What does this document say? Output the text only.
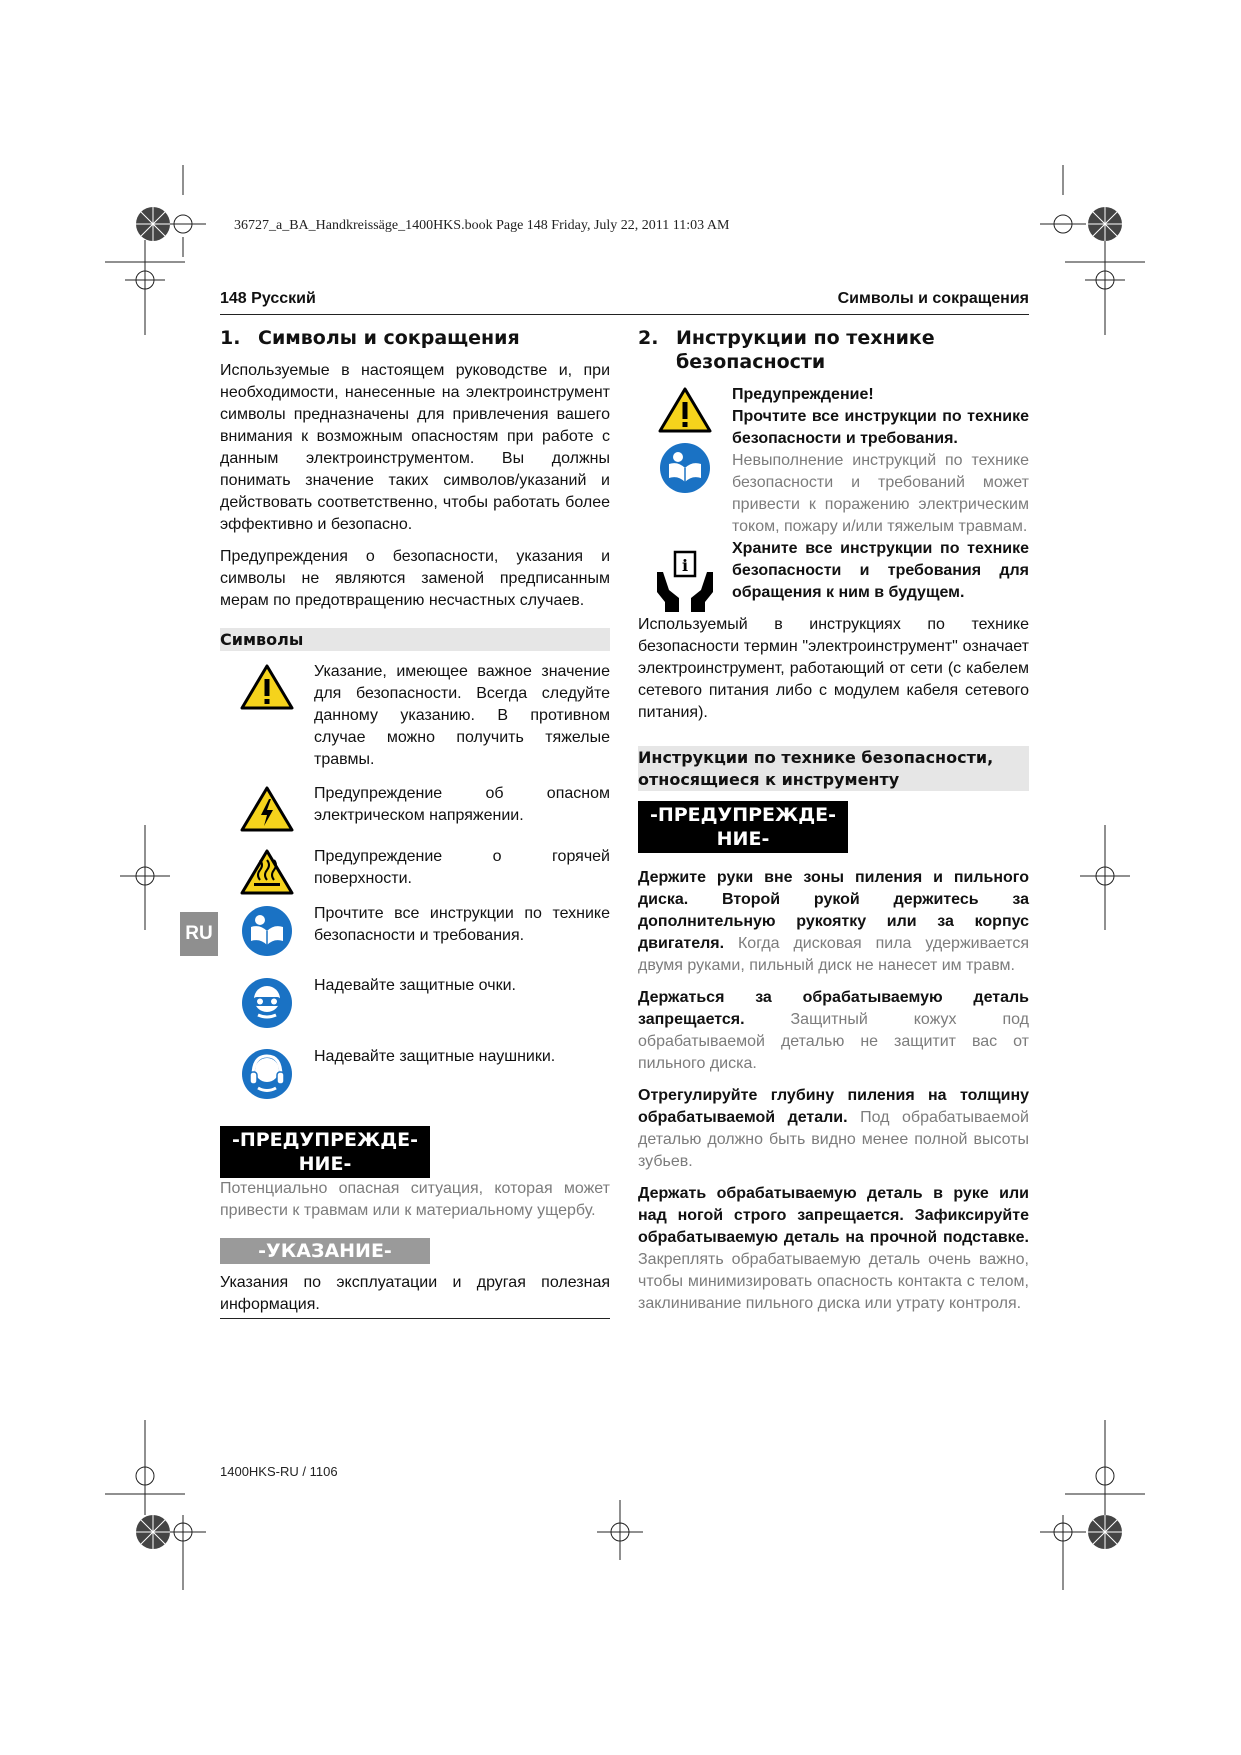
36727_a_BA_Handkreissäge_1400HKS.book Page 148 Friday, July 22, 2011 11:03 AM
148 Русский	Символы и сокращения
RU
1. Символы и сокращения

Используемые в настоящем руководстве и, при необходимости, нанесенные на электроинструмент символы предназначены для привлечения вашего внимания к возможным опасностям при работе с данным электроинструментом. Вы должны понимать значение таких символов/указаний и действовать соответственно, чтобы работать более эффективно и безопасно.

Предупреждения о безопасности, указания и символы не являются заменой предписанным мерам по предотвращению несчастных случаев.

Символы
Указание, имеющее важное значение для безопасности. Всегда следуйте данному указанию. В противном случае можно получить тяжелые травмы.
Предупреждение об опасном электрическом напряжении.
Предупреждение о горячей поверхности.
Прочтите все инструкции по технике безопасности и требования.
Надевайте защитные очки.
Надевайте защитные наушники.
-ПРЕДУПРЕЖДЕ-
НИЕ-

Потенциально опасная ситуация, которая может привести к травмам или к материальному ущербу.

-УКАЗАНИЕ-

Указания по эксплуатации и другая полезная информация.

2. Инструкции по технике безопасности
i

Предупреждение!

Прочтите все инструкции по технике безопасности и требования.

Невыполнение инструкций по технике безопасности и требований может привести к поражению электрическим током, пожару и/или тяжелым травмам.

Храните все инструкции по технике безопасности и требования для обращения к ним в будущем.

Используемый в инструкциях по технике безопасности термин "электроинструмент" означает электроинструмент, работающий от сети (с кабелем сетевого питания либо с модулем кабеля сетевого питания).

Инструкции по технике безопасности, относящиеся к инструменту
-ПРЕДУПРЕЖДЕ-
НИЕ-

Держите руки вне зоны пиления и пильного диска. Второй рукой держитесь за дополнительную рукоятку или за корпус двигателя. Когда дисковая пила удерживается двумя руками, пильный диск не нанесет им травм.

Держаться за обрабатываемую деталь запрещается.	Защитный кожух под обрабатываемой деталью не защитит вас от пильного диска.

Отрегулируйте глубину пиления на толщину обрабатываемой детали. Под обрабатываемой деталью должно быть видно менее полной высоты зубьев.

Держать обрабатываемую деталь в руке или над ногой строго запрещается. Зафиксируйте обрабатываемую деталь на прочной подставке. Закреплять обрабатываемую деталь очень важно, чтобы минимизировать опасность контакта с телом, заклинивание пильного диска или утрату контроля.

1400HKS-RU / 1106
